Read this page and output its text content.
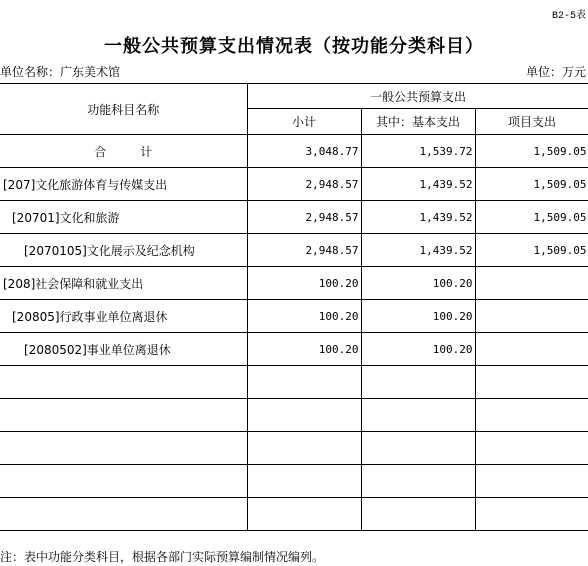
B2-5表
一般公共预算支出情况表（按功能分类科目）
单位名称：广东美术馆	单位：万元
功能科目名称	一般公共预算支出		
	小计	其中：基本支出	项目支出
合计	3,048.77	1,539.72	1,509.05
[207]文化旅游体育与传媒支出	2,948.57	1,439.52	1,509.05
[20701]文化和旅游	2,948.57	1,439.52	1,509.05
[2070105]文化展示及纪念机构	2,948.57	1,439.52	1,509.05
[208]社会保障和就业支出	100.20	100.20	
[20805]行政事业单位离退休	100.20	100.20	
[2080502]事业单位离退休	100.20	100.20	

注：表中功能分类科目，根据各部门实际预算编制情况编列。
